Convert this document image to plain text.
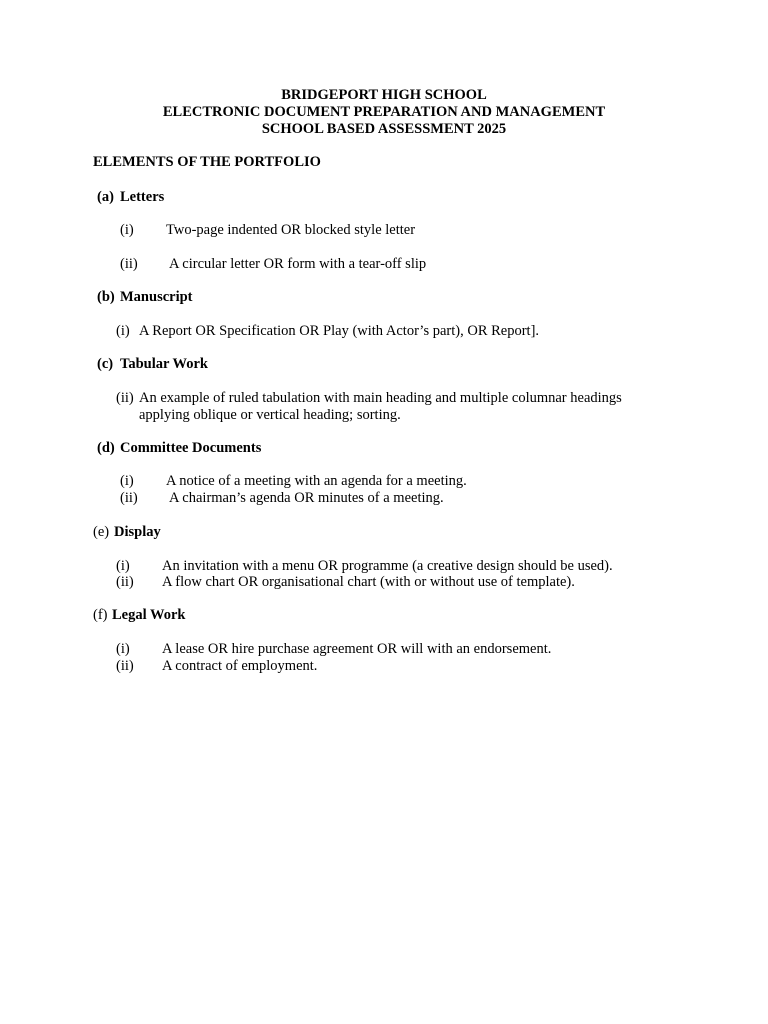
BRIDGEPORT HIGH SCHOOL
ELECTRONIC DOCUMENT PREPARATION AND MANAGEMENT
SCHOOL BASED ASSESSMENT 2025
ELEMENTS OF THE PORTFOLIO
(a) Letters
(i) Two-page indented OR blocked style letter
(ii) A circular letter OR form with a tear-off slip
(b) Manuscript
(i) A Report OR Specification OR Play (with Actor’s part), OR Report].
(c) Tabular Work
(ii) An example of ruled tabulation with main heading and multiple columnar headings
applying oblique or vertical heading; sorting.
(d) Committee Documents
(i) A notice of a meeting with an agenda for a meeting.
(ii) A chairman’s agenda OR minutes of a meeting.
(e) Display
(i) An invitation with a menu OR programme (a creative design should be used).
(ii) A flow chart OR organisational chart (with or without use of template).
(f) Legal Work
(i) A lease OR hire purchase agreement OR will with an endorsement.
(ii) A contract of employment.
